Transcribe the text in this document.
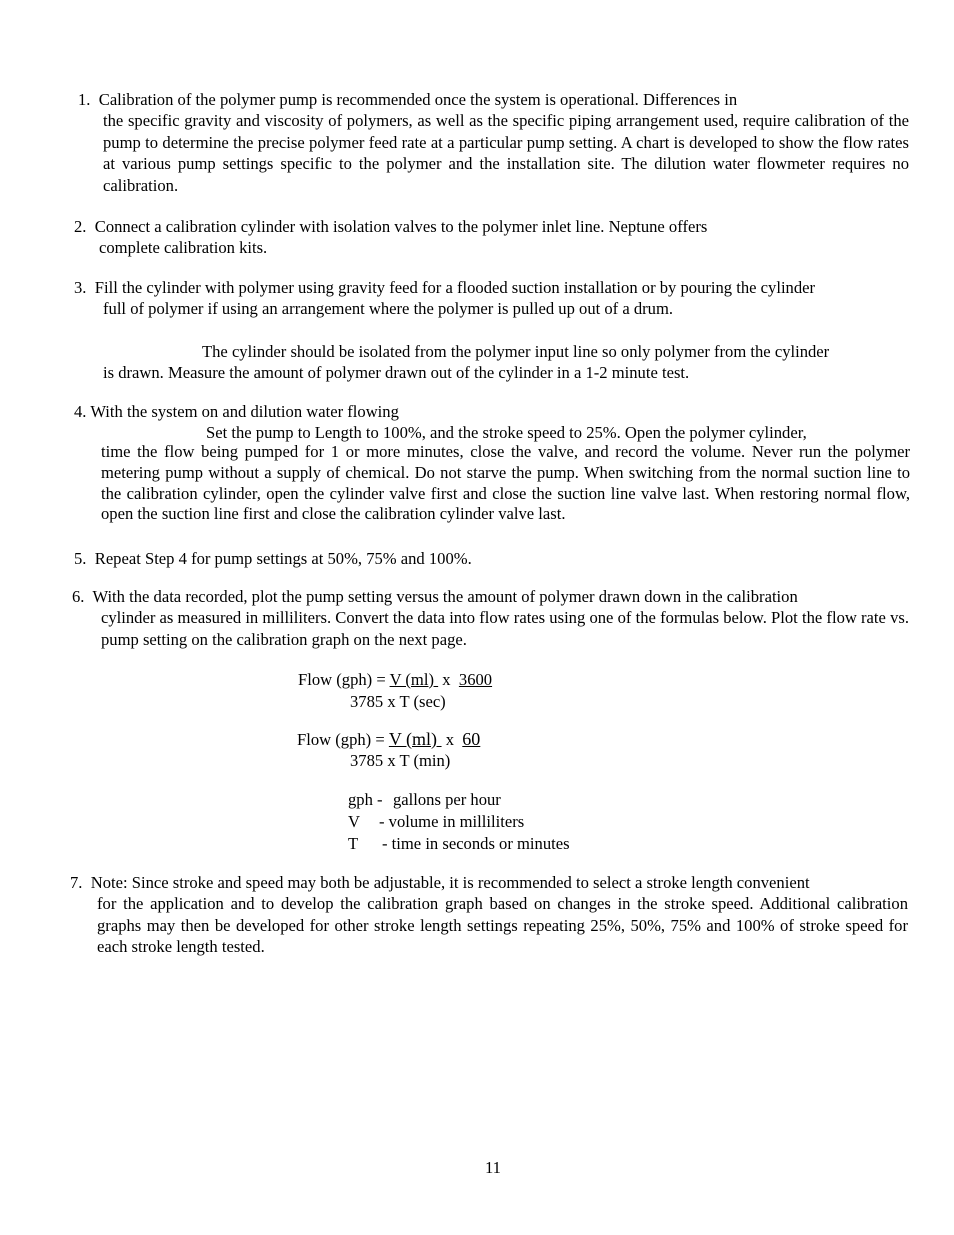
1. Calibration of the polymer pump is recommended once the system is operational. Differences in
the specific gravity and viscosity of polymers, as well as the specific piping arrangement used, require calibration of the pump to determine the precise polymer feed rate at a particular pump setting. A chart is developed to show the flow rates at various pump settings specific to the polymer and the installation site. The dilution water flowmeter requires no calibration.
2. Connect a calibration cylinder with isolation valves to the polymer inlet line. Neptune offers
complete calibration kits.
3. Fill the cylinder with polymer using gravity feed for a flooded suction installation or by pouring the cylinder
full of polymer if using an arrangement where the polymer is pulled up out of a drum.
The cylinder should be isolated from the polymer input line so only polymer from the cylinder
is drawn. Measure the amount of polymer drawn out of the cylinder in a 1-2 minute test.
4. With the system on and dilution water flowing
Set the pump to Length to 100%, and the stroke speed to 25%. Open the polymer cylinder,
time the flow being pumped for 1 or more minutes, close the valve, and record the volume. Never run the polymer metering pump without a supply of chemical. Do not starve the pump. When switching from the normal suction line to the calibration cylinder, open the cylinder valve first and close the suction line valve last. When restoring normal flow, open the suction line first and close the calibration cylinder valve last.
5. Repeat Step 4 for pump settings at 50%, 75% and 100%.
6. With the data recorded, plot the pump setting versus the amount of polymer drawn down in the calibration
cylinder as measured in milliliters. Convert the data into flow rates using one of the formulas below. Plot the flow rate vs. pump setting on the calibration graph on the next page.
Flow (gph) = V (ml)  x  3600
3785 x T (sec)
Flow (gph) = V (ml)  x  60
3785 x T (min)
gph - gallons per hour
V - volume in milliliters
T - time in seconds or minutes
7. Note: Since stroke and speed may both be adjustable, it is recommended to select a stroke length convenient
for the application and to develop the calibration graph based on changes in the stroke speed. Additional calibration graphs may then be developed for other stroke length settings repeating 25%, 50%, 75% and 100% of stroke speed for each stroke length tested.
11
